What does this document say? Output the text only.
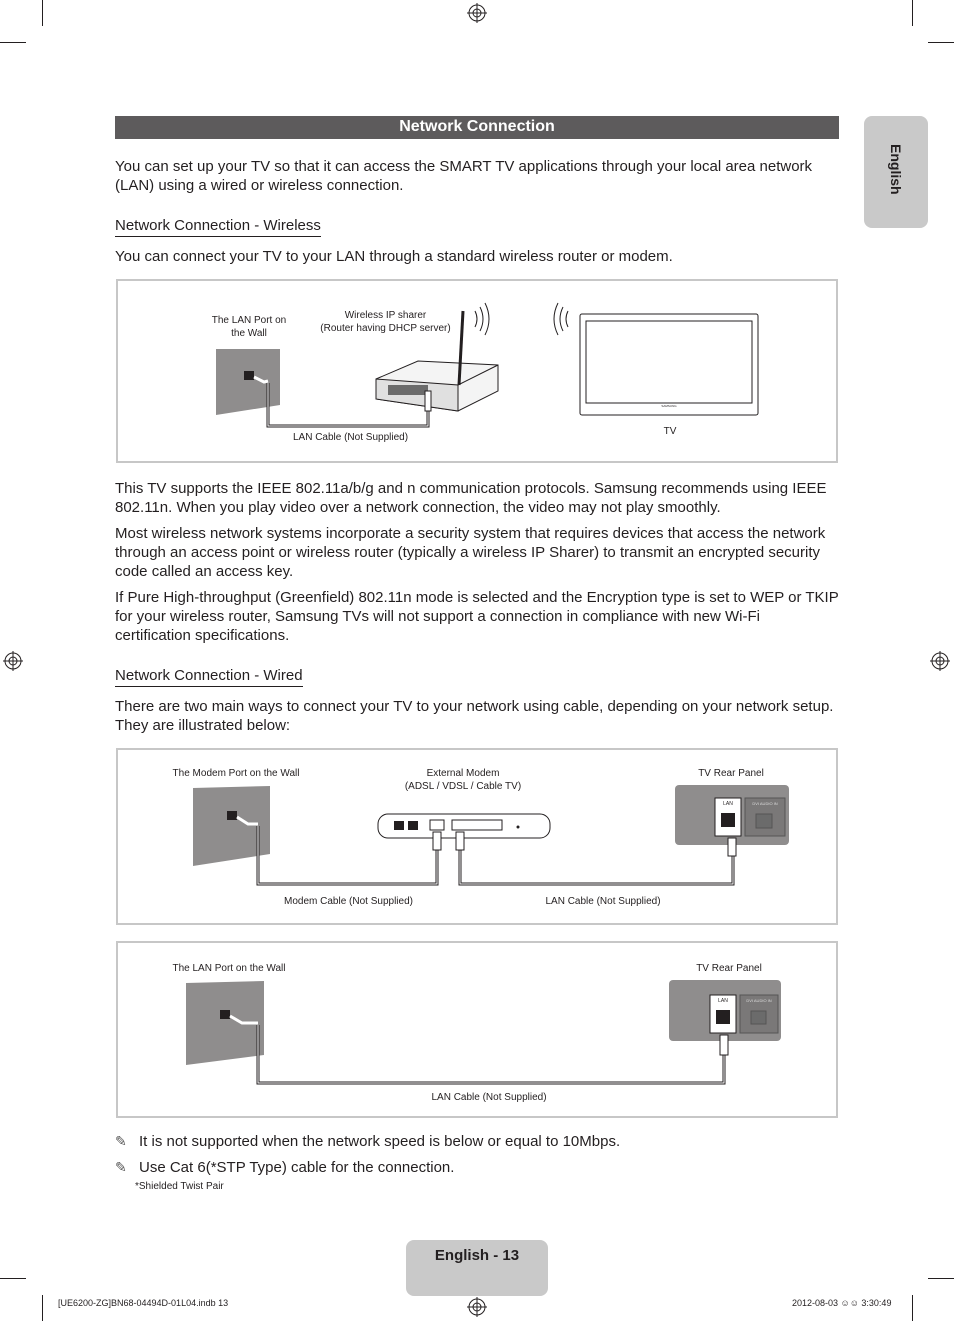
English
Network Connection
You can set up your TV so that it can access the SMART TV applications through your local area network (LAN) using a wired or wireless connection.
Network Connection - Wireless
You can connect your TV to your LAN through a standard wireless router or modem.
The LAN Port on
the Wall
Wireless IP sharer
(Router having DHCP server)
LAN Cable (Not Supplied)
TV
SAMSUNG
This TV supports the IEEE 802.11a/b/g and n communication protocols. Samsung recommends using IEEE 802.11n. When you play video over a network connection, the video may not play smoothly.
Most wireless network systems incorporate a security system that requires devices that access the network through an access point or wireless router (typically a wireless IP Sharer) to transmit an encrypted security code called an access key.
If Pure High-throughput (Greenfield) 802.11n mode is selected and the Encryption type is set to WEP or TKIP for your wireless router, Samsung TVs will not support a connection in compliance with new Wi-Fi certification specifications.
Network Connection - Wired
There are two main ways to connect your TV to your network using cable, depending on your network setup. They are illustrated below:
The Modem Port on the Wall	External Modem
(ADSL / VDSL / Cable TV)
TV Rear Panel
Modem Cable (Not Supplied)	LAN Cable (Not Supplied)
LAN	DVI AUDIO IN
The LAN Port on the Wall	TV Rear Panel
LAN Cable (Not Supplied)
LAN	DVI AUDIO IN
✎ It is not supported when the network speed is below or equal to 10Mbps.
✎ Use Cat 6(*STP Type) cable for the connection.
*Shielded Twist Pair
English - 13
[UE6200-ZG]BN68-04494D-01L04.indb 13	2012-08-03 ☺☺ 3:30:49
